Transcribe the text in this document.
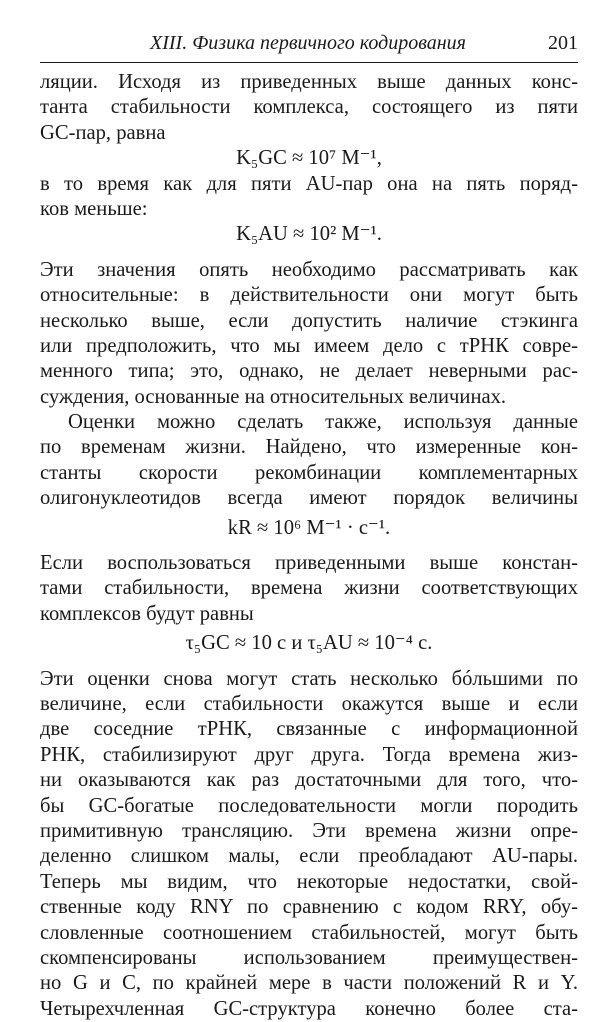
XIII. Физика первичного кодирования	201
ляции. Исходя из приведенных выше данных конс-
танта стабильности комплекса, состоящего из пяти
GC-пар, равна
K₅GC ≈ 10⁷ M⁻¹,
в то время как для пяти AU-пар она на пять поряд-
ков меньше:
K₅AU ≈ 10² M⁻¹.
Эти значения опять необходимо рассматривать как
относительные: в действительности они могут быть
несколько выше, если допустить наличие стэкинга
или предположить, что мы имеем дело с тРНК совре-
менного типа; это, однако, не делает неверными рас-
суждения, основанные на относительных величинах.
Оценки можно сделать также, используя данные
по временам жизни. Найдено, что измеренные кон-
станты скорости рекомбинации комплементарных
олигонуклеотидов всегда имеют порядок величины
kR ≈ 10⁶ M⁻¹ · c⁻¹.
Если воспользоваться приведенными выше констан-
тами стабильности, времена жизни соответствующих
комплексов будут равны
τ₅GC ≈ 10 c и τ₅AU ≈ 10⁻⁴ c.
Эти оценки снова могут стать несколько бóльшими по
величине, если стабильности окажутся выше и если
две соседние тРНК, связанные с информационной
РНК, стабилизируют друг друга. Тогда времена жиз-
ни оказываются как раз достаточными для того, что-
бы GC-богатые последовательности могли породить
примитивную трансляцию. Эти времена жизни опре-
деленно слишком малы, если преобладают AU-пары.
Теперь мы видим, что некоторые недостатки, свой-
ственные коду RNY по сравнению с кодом RRY, обу-
словленные соотношением стабильностей, могут быть
скомпенсированы использованием преимуществен-
но G и C, по крайней мере в части положений R и Y.
Четырехчленная GC-структура конечно более ста-
